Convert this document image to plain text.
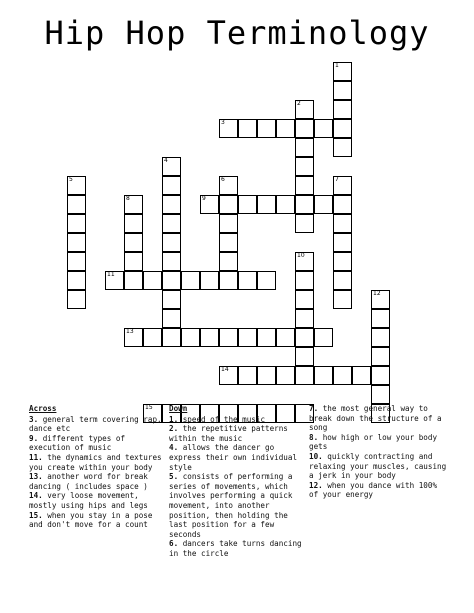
Hip Hop Terminology
1
2
3
4
5	6	7
8	9
10
11
12
13
14
15
Across
3. general term covering rap, dance etc
9. different types of execution of music
11. the dynamics and textures you create within your body
13. another word for break dancing ( includes space )
14. very loose movement, mostly using hips and legs
15. when you stay in a pose and don't move for a count
Down
1. speed of the music
2. the repetitive patterns within the music
4. allows the dancer go express their own individual style
5. consists of performing a series of movements, which involves performing a quick movement, into another position, then holding the last position for a few seconds
6. dancers take turns dancing in the circle
7. the most general way to break down the structure of a song
8. how high or low your body gets
10. quickly contracting and relaxing your muscles, causing a jerk in your body
12. when you dance with 100% of your energy
